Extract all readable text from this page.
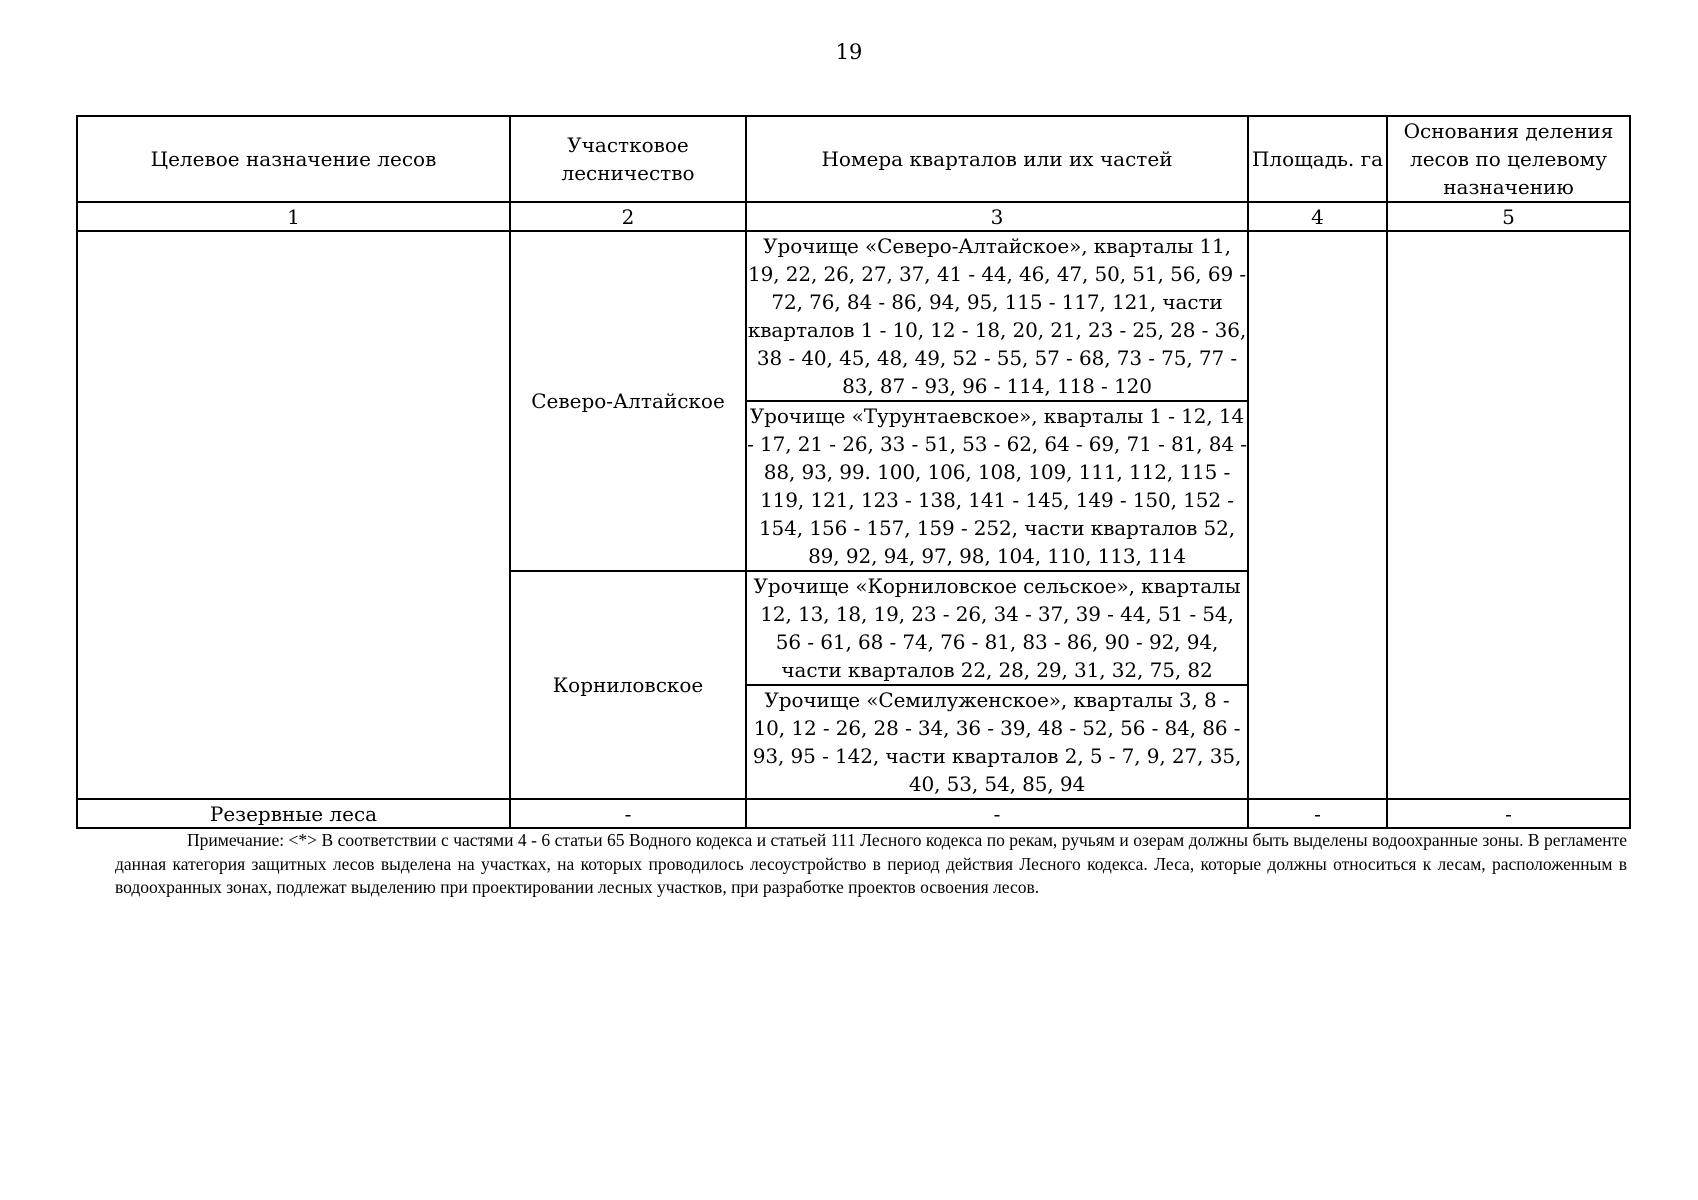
19
Целевое назначение лесов	Участковое лесничество	Номера кварталов или их частей	Площадь. га	Основания деления лесов по целевому назначению
1	2	3	4	5
	Северо-Алтайское	Урочище «Северо-Алтайское», кварталы 11, 19, 22, 26, 27, 37, 41 - 44, 46, 47, 50, 51, 56, 69 - 72, 76, 84 - 86, 94, 95, 115 - 117, 121, части кварталов 1 - 10, 12 - 18, 20, 21, 23 - 25, 28 - 36, 38 - 40, 45, 48, 49, 52 - 55, 57 - 68, 73 - 75, 77 - 83, 87 - 93, 96 - 114, 118 - 120		
		Урочище «Турунтаевское», кварталы 1 - 12, 14 - 17, 21 - 26, 33 - 51, 53 - 62, 64 - 69, 71 - 81, 84 - 88, 93, 99. 100, 106, 108, 109, 111, 112, 115 - 119, 121, 123 - 138, 141 - 145, 149 - 150, 152 - 154, 156 - 157, 159 - 252, части кварталов 52, 89, 92, 94, 97, 98, 104, 110, 113, 114		
	Корниловское	Урочище «Корниловское сельское», кварталы 12, 13, 18, 19, 23 - 26, 34 - 37, 39 - 44, 51 - 54, 56 - 61, 68 - 74, 76 - 81, 83 - 86, 90 - 92, 94, части кварталов 22, 28, 29, 31, 32, 75, 82		
		Урочище «Семилуженское», кварталы 3, 8 - 10, 12 - 26, 28 - 34, 36 - 39, 48 - 52, 56 - 84, 86 - 93, 95 - 142, части кварталов 2, 5 - 7, 9, 27, 35, 40, 53, 54, 85, 94		
Резервные леса	-	-	-	-
Примечание: <*> В соответствии с частями 4 - 6 статьи 65 Водного кодекса и статьей 111 Лесного кодекса по рекам, ручьям и озерам должны быть выделены водоохранные зоны. В регламенте данная категория защитных лесов выделена на участках, на которых проводилось лесоустройство в период действия Лесного кодекса. Леса, которые должны относиться к лесам, расположенным в водоохранных зонах, подлежат выделению при проектировании лесных участков, при разработке проектов освоения лесов.
